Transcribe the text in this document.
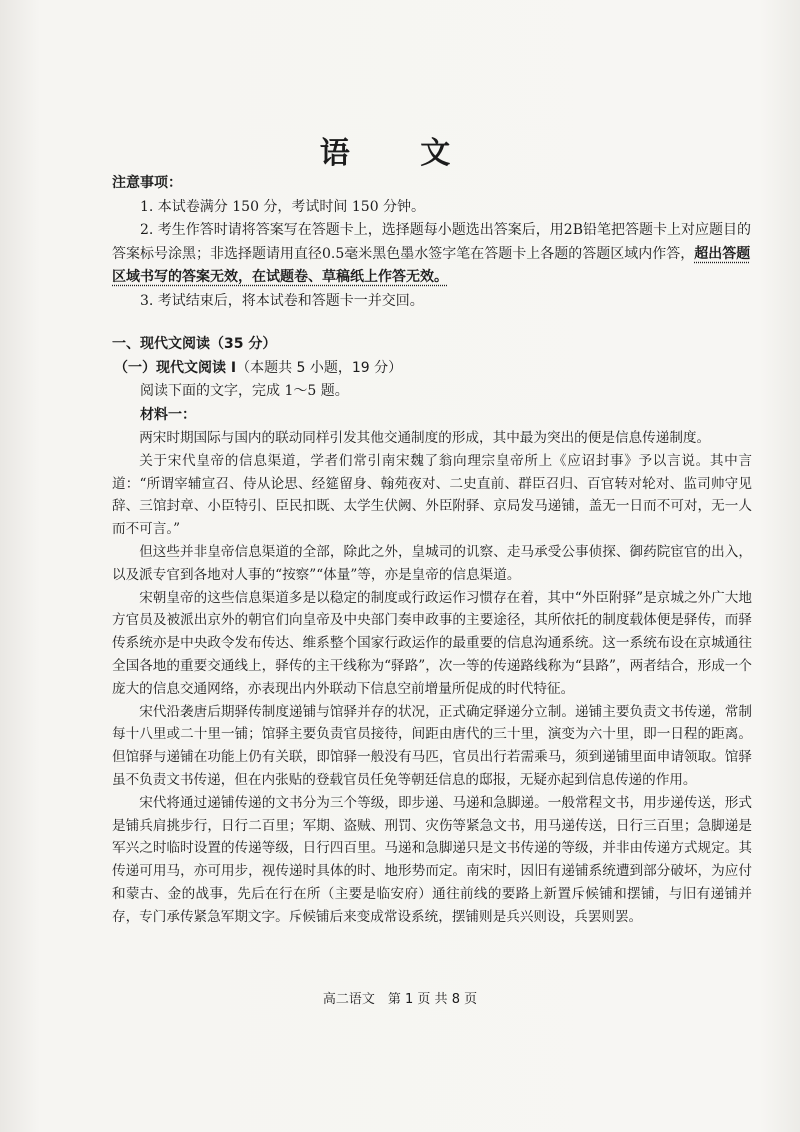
语 文
注意事项：

1. 本试卷满分 150 分，考试时间 150 分钟。

2. 考生作答时请将答案写在答题卡上，选择题每小题选出答案后，用2B铅笔把答题卡上对应题目的答案标号涂黑；非选择题请用直径0.5毫米黑色墨水签字笔在答题卡上各题的答题区域内作答，超出答题区域书写的答案无效，在试题卷、草稿纸上作答无效。

3. 考试结束后，将本试卷和答题卡一并交回。

一、现代文阅读（35 分）
（一）现代文阅读 I（本题共 5 小题，19 分）

阅读下面的文字，完成 1～5 题。

材料一：

两宋时期国际与国内的联动同样引发其他交通制度的形成，其中最为突出的便是信息传递制度。

关于宋代皇帝的信息渠道，学者们常引南宋魏了翁向理宗皇帝所上《应诏封事》予以言说。其中言道：“所谓宰辅宣召、侍从论思、经筵留身、翰苑夜对、二史直前、群臣召归、百官转对轮对、监司帅守见辞、三馆封章、小臣特引、臣民扣既、太学生伏阙、外臣附驿、京局发马递铺，盖无一日而不可对，无一人而不可言。”

但这些并非皇帝信息渠道的全部，除此之外，皇城司的讥察、走马承受公事侦探、御药院宦官的出入，以及派专官到各地对人事的“按察”“体量”等，亦是皇帝的信息渠道。

宋朝皇帝的这些信息渠道多是以稳定的制度或行政运作习惯存在着，其中“外臣附驿”是京城之外广大地方官员及被派出京外的朝官们向皇帝及中央部门奏申政事的主要途径，其所依托的制度载体便是驿传，而驿传系统亦是中央政令发布传达、维系整个国家行政运作的最重要的信息沟通系统。这一系统布设在京城通往全国各地的重要交通线上，驿传的主干线称为“驿路”，次一等的传递路线称为“县路”，两者结合，形成一个庞大的信息交通网络，亦表现出内外联动下信息空前增量所促成的时代特征。

宋代沿袭唐后期驿传制度递铺与馆驿并存的状况，正式确定驿递分立制。递铺主要负责文书传递，常制每十八里或二十里一铺；馆驿主要负责官员接待，间距由唐代的三十里，演变为六十里，即一日程的距离。但馆驿与递铺在功能上仍有关联，即馆驿一般没有马匹，官员出行若需乘马，须到递铺里面申请领取。馆驿虽不负责文书传递，但在内张贴的登载官员任免等朝廷信息的邸报，无疑亦起到信息传递的作用。

宋代将通过递铺传递的文书分为三个等级，即步递、马递和急脚递。一般常程文书，用步递传送，形式是铺兵肩挑步行，日行二百里；军期、盗贼、刑罚、灾伤等紧急文书，用马递传送，日行三百里；急脚递是军兴之时临时设置的传递等级，日行四百里。马递和急脚递只是文书传递的等级，并非由传递方式规定。其传递可用马，亦可用步，视传递时具体的时、地形势而定。南宋时，因旧有递铺系统遭到部分破坏，为应付和蒙古、金的战事，先后在行在所（主要是临安府）通往前线的要路上新置斥候铺和摆铺，与旧有递铺并存，专门承传紧急军期文字。斥候铺后来变成常设系统，摆铺则是兵兴则设，兵罢则罢。

高二语文　第 1 页 共 8 页
